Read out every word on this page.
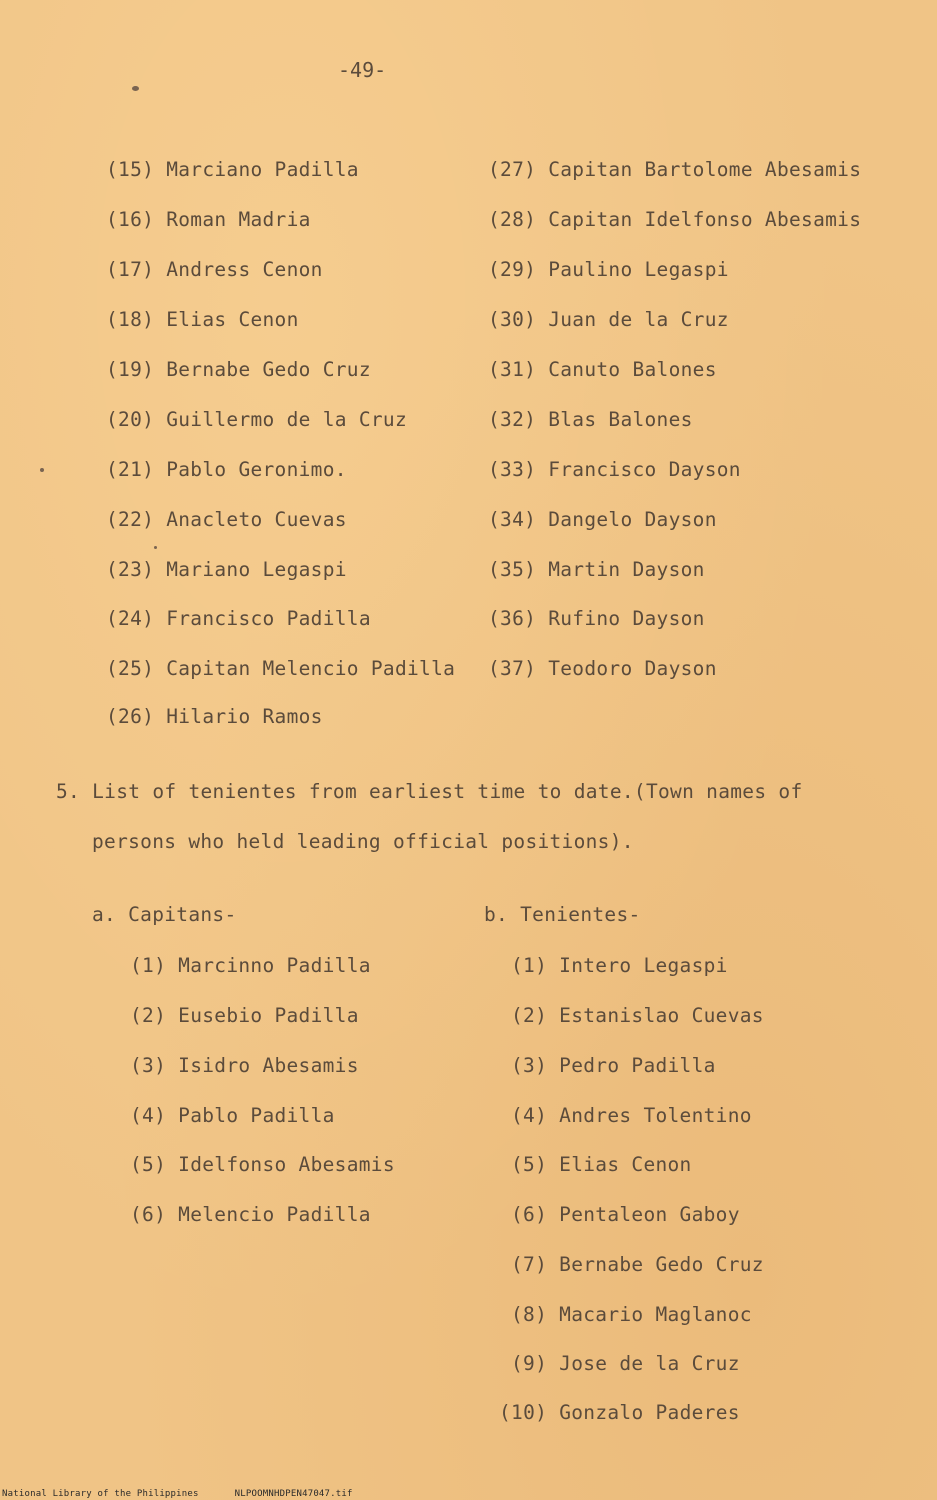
-49-
(15) Marciano Padilla
(16) Roman Madria
(17) Andress Cenon
(18) Elias Cenon
(19) Bernabe Gedo Cruz
(20) Guillermo de la Cruz
(21) Pablo Geronimo.
(22) Anacleto Cuevas
(23) Mariano Legaspi
(24) Francisco Padilla
(25) Capitan Melencio Padilla
(26) Hilario Ramos
(27) Capitan Bartolome Abesamis
(28) Capitan Idelfonso Abesamis
(29) Paulino Legaspi
(30) Juan de la Cruz
(31) Canuto Balones
(32) Blas Balones
(33) Francisco Dayson
(34) Dangelo Dayson
(35) Martin Dayson
(36) Rufino Dayson
(37) Teodoro Dayson
5. List of tenientes from earliest time to date.(Town names of
persons who held leading official positions).
a. Capitans-
(1) Marcinno Padilla
(2) Eusebio Padilla
(3) Isidro Abesamis
(4) Pablo Padilla
(5) Idelfonso Abesamis
(6) Melencio Padilla
b. Tenientes-
(1) Intero Legaspi
(2) Estanislao Cuevas
(3) Pedro Padilla
(4) Andres Tolentino
(5) Elias Cenon
(6) Pentaleon Gaboy
(7) Bernabe Gedo Cruz
(8) Macario Maglanoc
(9) Jose de la Cruz
(10) Gonzalo Paderes
National Library of the Philippines	NLPOOMNHDPEN47047.tif
